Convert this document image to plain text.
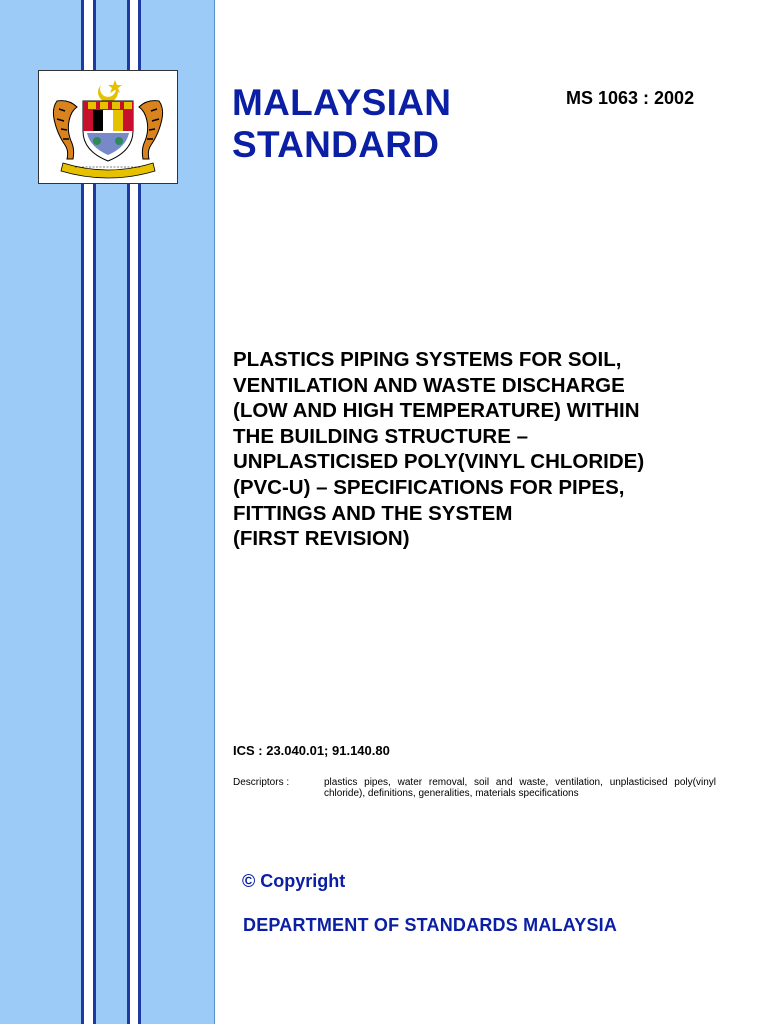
MALAYSIAN
STANDARD
MS 1063 : 2002
PLASTICS PIPING SYSTEMS FOR SOIL,
VENTILATION AND WASTE DISCHARGE
(LOW AND HIGH TEMPERATURE) WITHIN
THE BUILDING STRUCTURE –
UNPLASTICISED POLY(VINYL CHLORIDE)
(PVC-U) – SPECIFICATIONS FOR PIPES,
FITTINGS AND THE SYSTEM
(FIRST REVISION)
ICS : 23.040.01; 91.140.80
Descriptors :	plastics pipes, water removal, soil and waste, ventilation, unplasticised poly(vinyl chloride), definitions, generalities, materials specifications
© Copyright
DEPARTMENT OF STANDARDS MALAYSIA
